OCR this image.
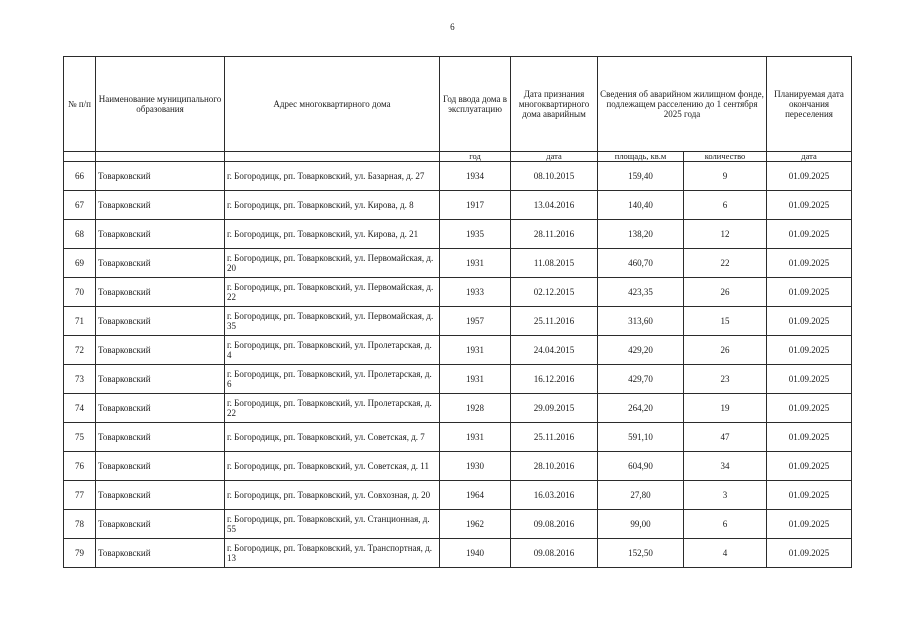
6
№ п/п	Наименование муниципального образования	Адрес многоквартирного дома	Год ввода дома в эксплуатацию	Дата признания многоквартирного дома аварийным	Сведения об аварийном жилищном фонде, подлежащем расселению до 1 сентября 2025 года		Планируемая дата окончания переселения
			год	дата	площадь, кв.м	количество	дата
66	Товарковский	г. Богородицк, рп. Товарковский, ул. Базарная, д. 27	1934	08.10.2015	159,40	9	01.09.2025
67	Товарковский	г. Богородицк, рп. Товарковский, ул. Кирова, д. 8	1917	13.04.2016	140,40	6	01.09.2025
68	Товарковский	г. Богородицк, рп. Товарковский, ул. Кирова, д. 21	1935	28.11.2016	138,20	12	01.09.2025
69	Товарковский	г. Богородицк, рп. Товарковский, ул. Первомайская, д. 20	1931	11.08.2015	460,70	22	01.09.2025
70	Товарковский	г. Богородицк, рп. Товарковский, ул. Первомайская, д. 22	1933	02.12.2015	423,35	26	01.09.2025
71	Товарковский	г. Богородицк, рп. Товарковский, ул. Первомайская, д. 35	1957	25.11.2016	313,60	15	01.09.2025
72	Товарковский	г. Богородицк, рп. Товарковский, ул. Пролетарская, д. 4	1931	24.04.2015	429,20	26	01.09.2025
73	Товарковский	г. Богородицк, рп. Товарковский, ул. Пролетарская, д. 6	1931	16.12.2016	429,70	23	01.09.2025
74	Товарковский	г. Богородицк, рп. Товарковский, ул. Пролетарская, д. 22	1928	29.09.2015	264,20	19	01.09.2025
75	Товарковский	г. Богородицк, рп. Товарковский, ул. Советская, д. 7	1931	25.11.2016	591,10	47	01.09.2025
76	Товарковский	г. Богородицк, рп. Товарковский, ул. Советская, д. 11	1930	28.10.2016	604,90	34	01.09.2025
77	Товарковский	г. Богородицк, рп. Товарковский, ул. Совхозная, д. 20	1964	16.03.2016	27,80	3	01.09.2025
78	Товарковский	г. Богородицк, рп. Товарковский, ул. Станционная, д. 55	1962	09.08.2016	99,00	6	01.09.2025
79	Товарковский	г. Богородицк, рп. Товарковский, ул. Транспортная, д. 13	1940	09.08.2016	152,50	4	01.09.2025
